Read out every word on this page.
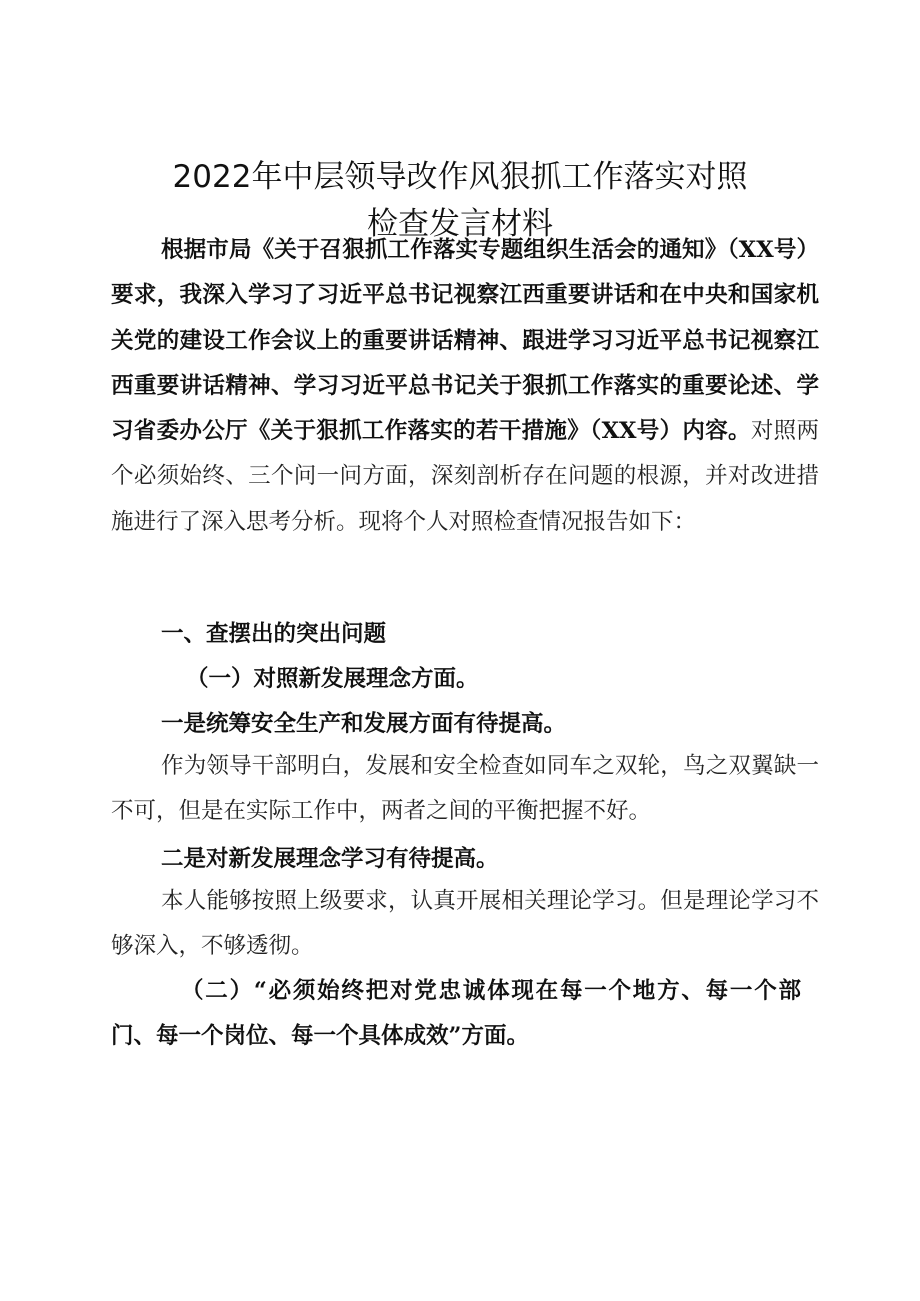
2022年中层领导改作风狠抓工作落实对照
检查发言材料
根据市局《关于召狠抓工作落实专题组织生活会的通知》（XX号）要求，我深入学习了习近平总书记视察江西重要讲话和在中央和国家机关党的建设工作会议上的重要讲话精神、跟进学习习近平总书记视察江西重要讲话精神、学习习近平总书记关于狠抓工作落实的重要论述、学习省委办公厅《关于狠抓工作落实的若干措施》（XX号）内容。对照两个必须始终、三个问一问方面，深刻剖析存在问题的根源，并对改进措施进行了深入思考分析。现将个人对照检查情况报告如下：
一、查摆出的突出问题
（一）对照新发展理念方面。
一是统筹安全生产和发展方面有待提高。
作为领导干部明白，发展和安全检查如同车之双轮，鸟之双翼缺一不可，但是在实际工作中，两者之间的平衡把握不好。
二是对新发展理念学习有待提高。
本人能够按照上级要求，认真开展相关理论学习。但是理论学习不够深入，不够透彻。
（二）“必须始终把对党忠诚体现在每一个地方、每一个部门、每一个岗位、每一个具体成效”方面。
